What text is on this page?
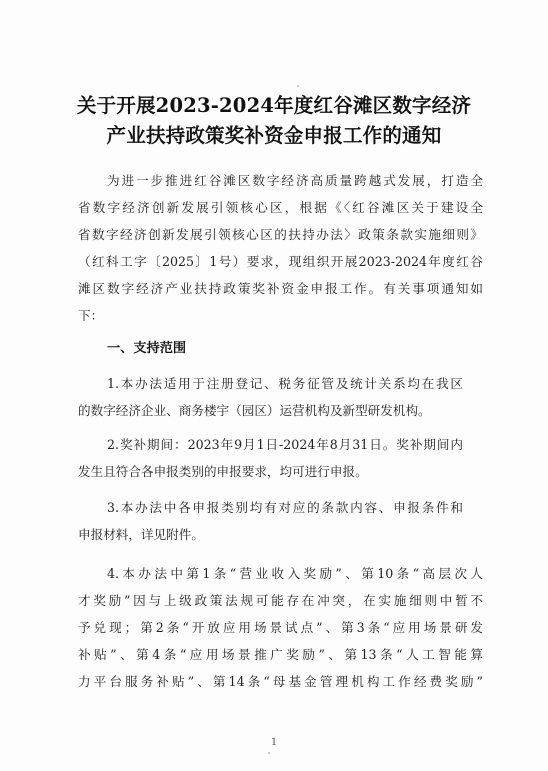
关于开展2023-2024年度红谷滩区数字经济
产业扶持政策奖补资金申报工作的通知
为进一步推进红谷滩区数字经济高质量跨越式发展，打造全
省数字经济创新发展引领核心区，根据《〈红谷滩区关于建设全
省数字经济创新发展引领核心区的扶持办法〉政策条款实施细则》
（红科工字〔2025〕1号）要求，现组织开展2023-2024年度红谷
滩区数字经济产业扶持政策奖补资金申报工作。有关事项通知如
下：
一、支持范围
1.本办法适用于注册登记、税务征管及统计关系均在我区
的数字经济企业、商务楼宇（园区）运营机构及新型研发机构。
2.奖补期间：2023年9月1日-2024年8月31日。奖补期间内
发生且符合各申报类别的申报要求，均可进行申报。
3.本办法中各申报类别均有对应的条款内容、申报条件和
申报材料，详见附件。
4.本办法中第1条“营业收入奖励”、第10条“高层次人
才奖励”因与上级政策法规可能存在冲突，在实施细则中暂不
予兑现；第2条“开放应用场景试点”、第3条“应用场景研发
补贴”、第4条“应用场景推广奖励”、第13条“人工智能算
力平台服务补贴”、第14条“母基金管理机构工作经费奖励”
1
